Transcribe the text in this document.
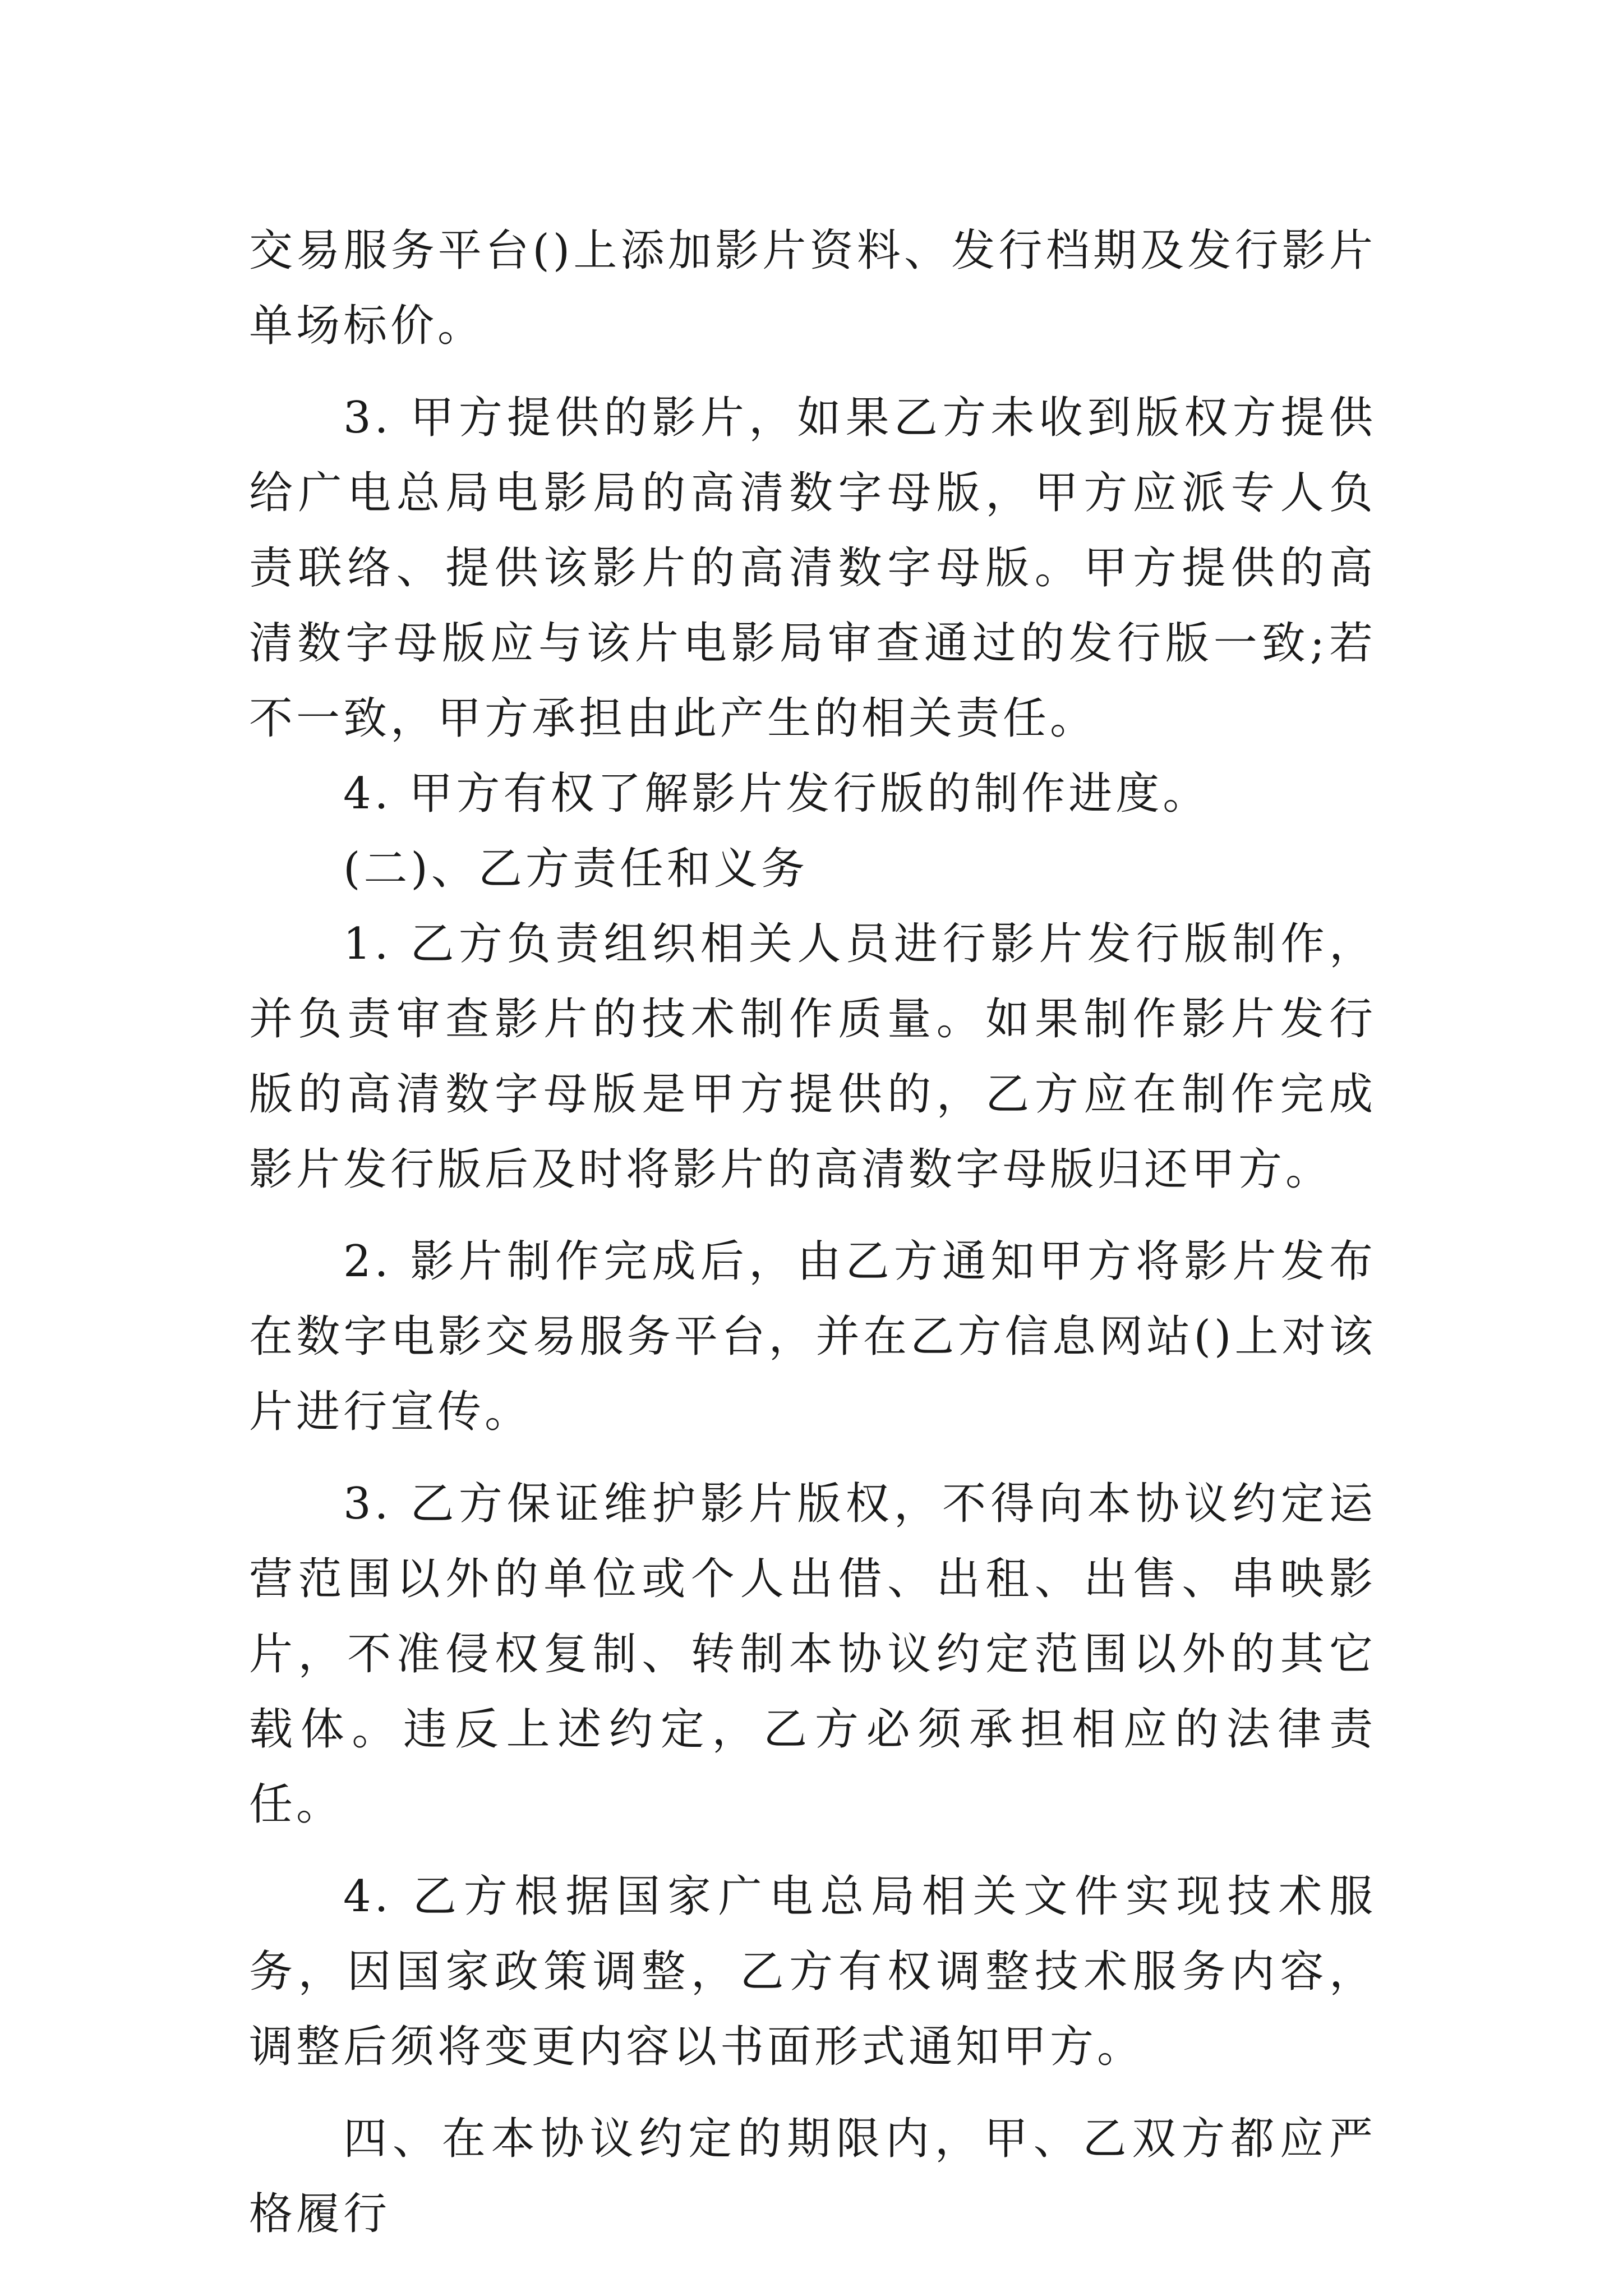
交易服务平台()上添加影片资料、发行档期及发行影片单场标价。

3. 甲方提供的影片，如果乙方未收到版权方提供给广电总局电影局的高清数字母版，甲方应派专人负责联络、提供该影片的高清数字母版。甲方提供的高清数字母版应与该片电影局审查通过的发行版一致;若不一致，甲方承担由此产生的相关责任。

4. 甲方有权了解影片发行版的制作进度。

(二)、乙方责任和义务

1. 乙方负责组织相关人员进行影片发行版制作，并负责审查影片的技术制作质量。如果制作影片发行版的高清数字母版是甲方提供的，乙方应在制作完成影片发行版后及时将影片的高清数字母版归还甲方。

2. 影片制作完成后，由乙方通知甲方将影片发布在数字电影交易服务平台，并在乙方信息网站()上对该片进行宣传。

3. 乙方保证维护影片版权，不得向本协议约定运营范围以外的单位或个人出借、出租、出售、串映影片，不准侵权复制、转制本协议约定范围以外的其它载体。违反上述约定，乙方必须承担相应的法律责任。

4. 乙方根据国家广电总局相关文件实现技术服务，因国家政策调整，乙方有权调整技术服务内容，调整后须将变更内容以书面形式通知甲方。

四、在本协议约定的期限内，甲、乙双方都应严格履行
